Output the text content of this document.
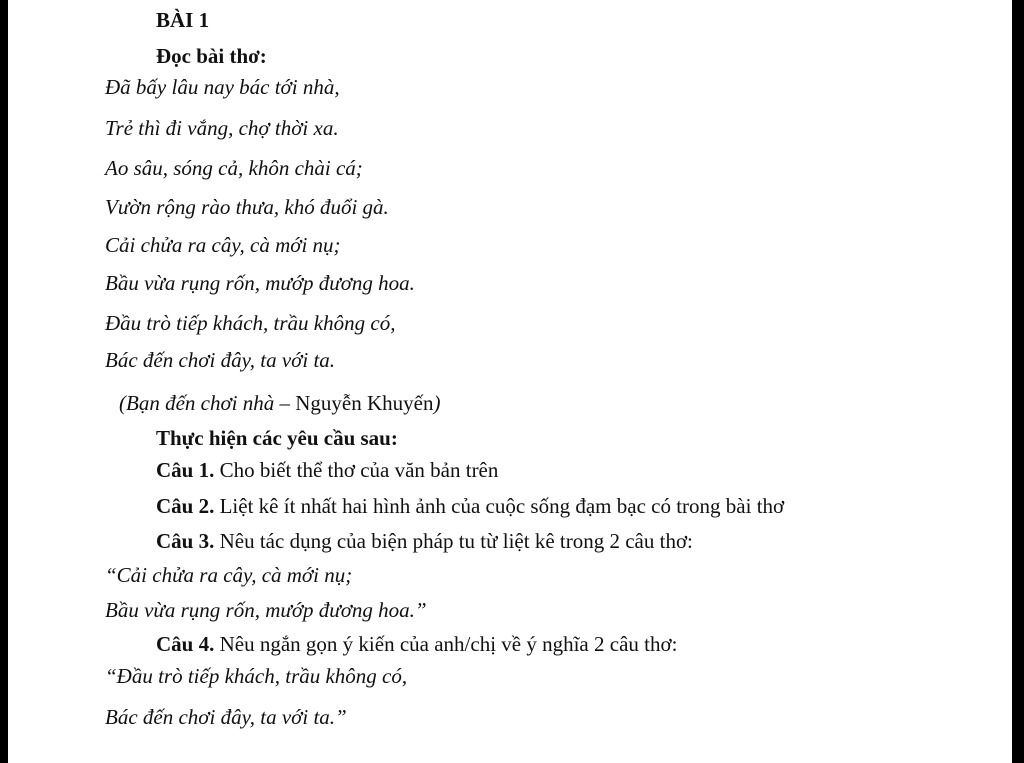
BÀI 1
Đọc bài thơ:
Đã bấy lâu nay bác tới nhà,
Trẻ thì đi vắng, chợ thời xa.
Ao sâu, sóng cả, khôn chài cá;
Vườn rộng rào thưa, khó đuổi gà.
Cải chửa ra cây, cà mới nụ;
Bầu vừa rụng rốn, mướp đương hoa.
Đầu trò tiếp khách, trầu không có,
Bác đến chơi đây, ta với ta.
(Bạn đến chơi nhà – Nguyễn Khuyến)
Thực hiện các yêu cầu sau:
Câu 1. Cho biết thể thơ của văn bản trên
Câu 2. Liệt kê ít nhất hai hình ảnh của cuộc sống đạm bạc có trong bài thơ
Câu 3. Nêu tác dụng của biện pháp tu từ liệt kê trong 2 câu thơ:
“Cải chửa ra cây, cà mới nụ;
Bầu vừa rụng rốn, mướp đương hoa.”
Câu 4. Nêu ngắn gọn ý kiến của anh/chị về ý nghĩa 2 câu thơ:
“Đầu trò tiếp khách, trầu không có,
Bác đến chơi đây, ta với ta.”
